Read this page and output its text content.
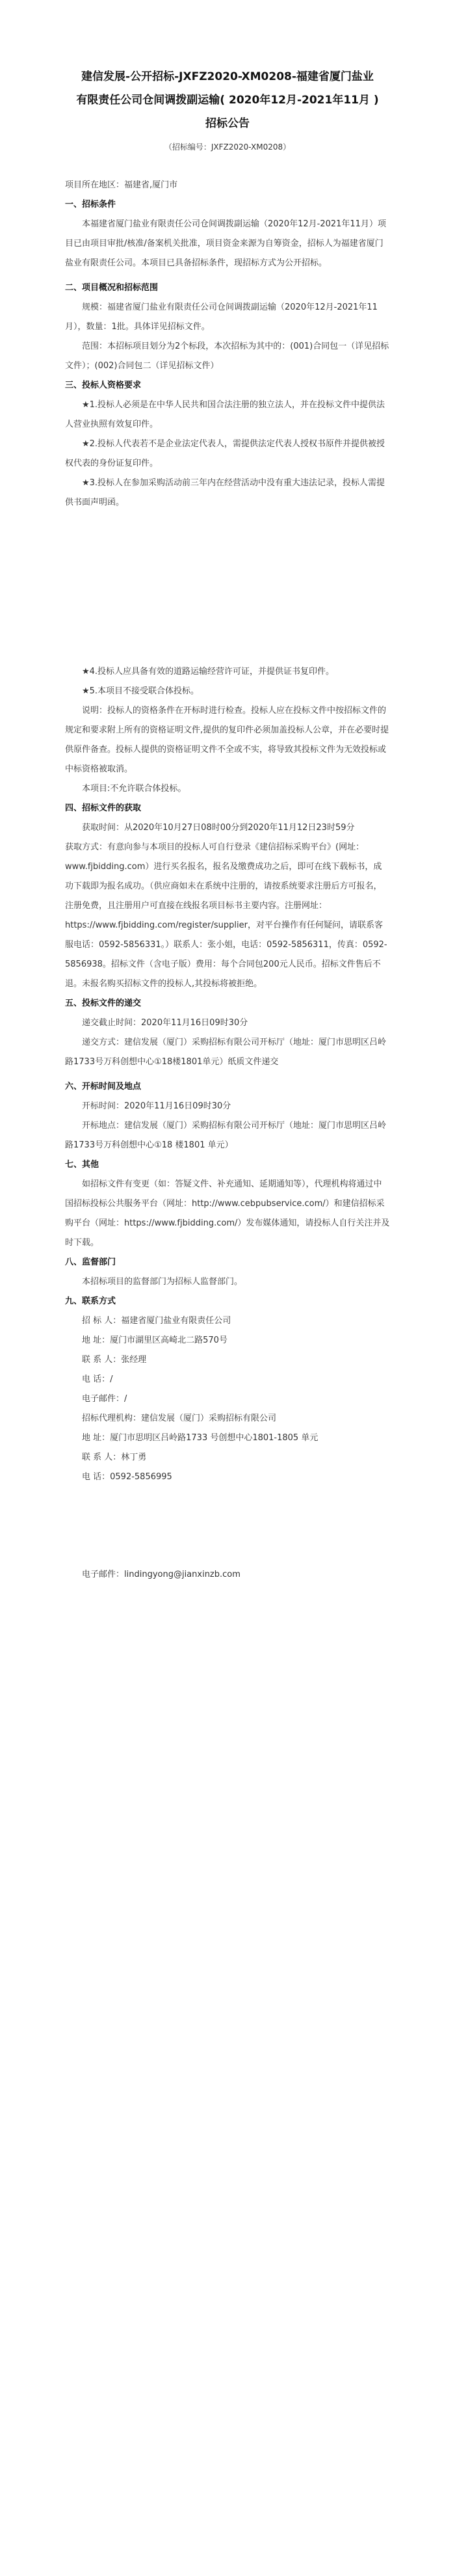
建信发展-公开招标-JXFZ2020-XM0208-福建省厦门盐业

有限责任公司仓间调拨副运输( 2020年12月-2021年11月 )

招标公告

（招标编号：JXFZ2020-XM0208）

项目所在地区：福建省,厦门市

一、招标条件

本福建省厦门盐业有限责任公司仓间调拨副运输（2020年12月-2021年11月）项目已由项目审批/核准/备案机关批准，项目资金来源为自筹资金，招标人为福建省厦门盐业有限责任公司。本项目已具备招标条件，现招标方式为公开招标。

二、项目概况和招标范围

规模：福建省厦门盐业有限责任公司仓间调拨副运输（2020年12月-2021年11月），数量：1批。具体详见招标文件。

范围：本招标项目划分为2个标段，本次招标为其中的：(001)合同包一（详见招标文件）；(002)合同包二（详见招标文件）

三、投标人资格要求

★1.投标人必须是在中华人民共和国合法注册的独立法人，并在投标文件中提供法人营业执照有效复印件。

★2.投标人代表若不是企业法定代表人，需提供法定代表人授权书原件并提供被授权代表的身份证复印件。

★3.投标人在参加采购活动前三年内在经营活动中没有重大违法记录，投标人需提供书面声明函。

★4.投标人应具备有效的道路运输经营许可证，并提供证书复印件。

★5.本项目不接受联合体投标。

说明：投标人的资格条件在开标时进行检查。投标人应在投标文件中按招标文件的规定和要求附上所有的资格证明文件,提供的复印件必须加盖投标人公章，并在必要时提供原件备查。投标人提供的资格证明文件不全或不实，将导致其投标文件为无效投标或中标资格被取消。

本项目:不允许联合体投标。

四、招标文件的获取

获取时间：从2020年10月27日08时00分到2020年11月12日23时59分

获取方式：有意向参与本项目的投标人可自行登录《建信招标采购平台》(网址：www.fjbidding.com）进行买名报名，报名及缴费成功之后，即可在线下载标书，成功下载即为报名成功。（供应商如未在系统中注册的，请按系统要求注册后方可报名，注册免费，且注册用户可直接在线报名项目标书主要内容。注册网址：https://www.fjbidding.com/register/supplier，对平台操作有任何疑问，请联系客服电话：0592-5856331。）联系人：张小姐，电话：0592-5856311，传真：0592-5856938。招标文件（含电子版）费用：每个合同包200元人民币。招标文件售后不退。未报名购买招标文件的投标人,其投标将被拒绝。

五、投标文件的递交

递交截止时间：2020年11月16日09时30分

递交方式：建信发展（厦门）采购招标有限公司开标厅（地址：厦门市思明区吕岭路1733号万科创想中心①18楼1801单元）纸质文件递交

六、开标时间及地点

开标时间：2020年11月16日09时30分

开标地点：建信发展（厦门）采购招标有限公司开标厅（地址：厦门市思明区吕岭路1733号万科创想中心①18 楼1801 单元）

七、其他

如招标文件有变更（如：答疑文件、补充通知、延期通知等），代理机构将通过中国招标投标公共服务平台（网址：http://www.cebpubservice.com/）和建信招标采购平台（网址：https://www.fjbidding.com/）发布媒体通知，请投标人自行关注并及时下载。

八、监督部门

本招标项目的监督部门为招标人监督部门。

九、联系方式

招 标 人：福建省厦门盐业有限责任公司

地 址：厦门市湖里区高崎北二路570号

联 系 人：张经理

电 话：/

电子邮件：/

招标代理机构：建信发展（厦门）采购招标有限公司

地 址：厦门市思明区吕岭路1733 号创想中心1801-1805 单元

联 系 人：林丁勇

电 话：0592-5856995

电子邮件：lindingyong@jianxinzb.com
